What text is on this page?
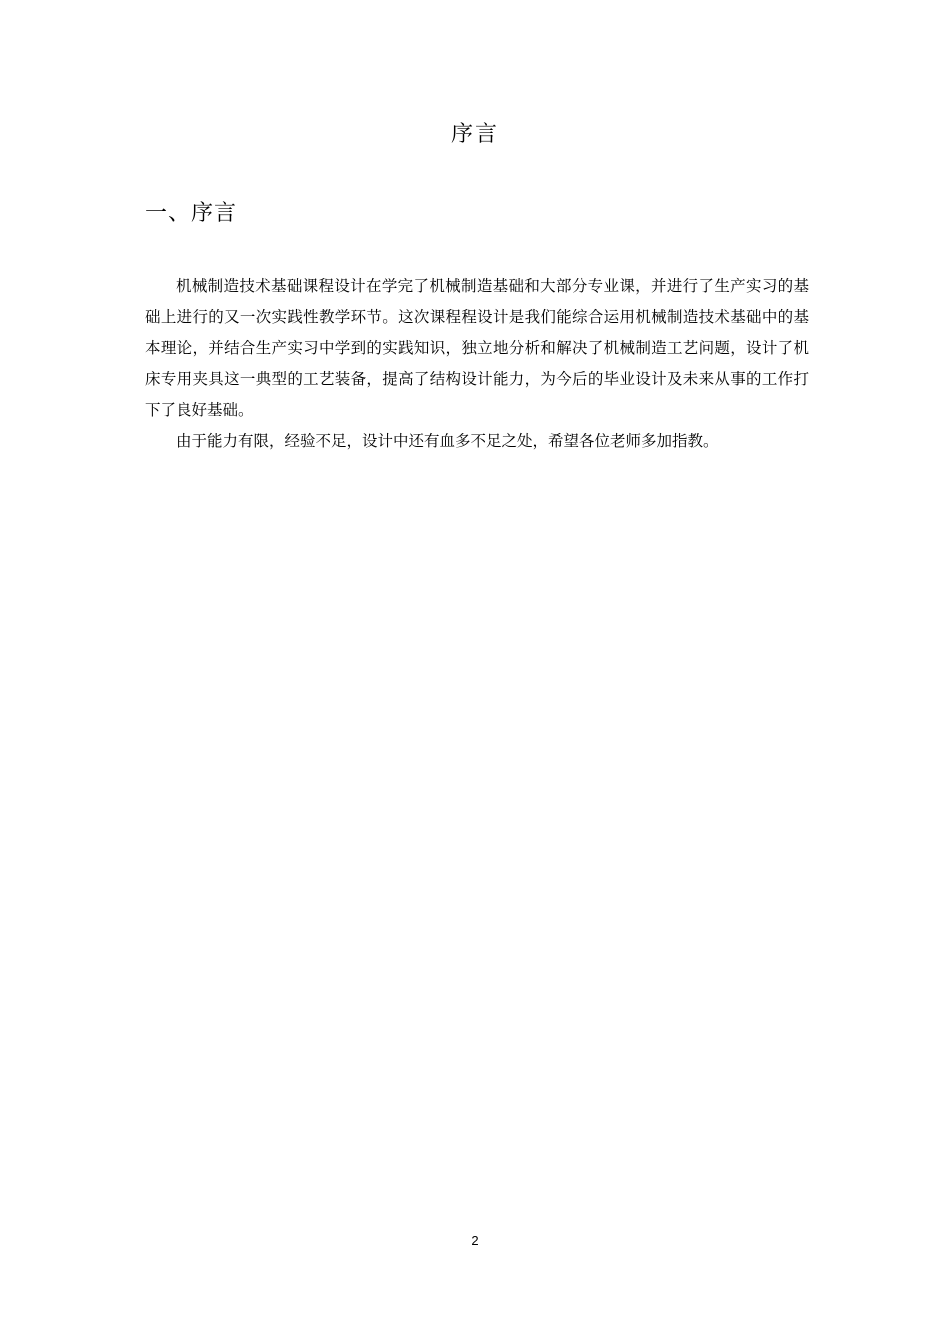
序言
一、序言

机械制造技术基础课程设计在学完了机械制造基础和大部分专业课，并进行了生产实习的基础上进行的又一次实践性教学环节。这次课程程设计是我们能综合运用机械制造技术基础中的基本理论，并结合生产实习中学到的实践知识，独立地分析和解决了机械制造工艺问题，设计了机床专用夹具这一典型的工艺装备，提高了结构设计能力，为今后的毕业设计及未来从事的工作打下了良好基础。

由于能力有限，经验不足，设计中还有血多不足之处，希望各位老师多加指教。

2
